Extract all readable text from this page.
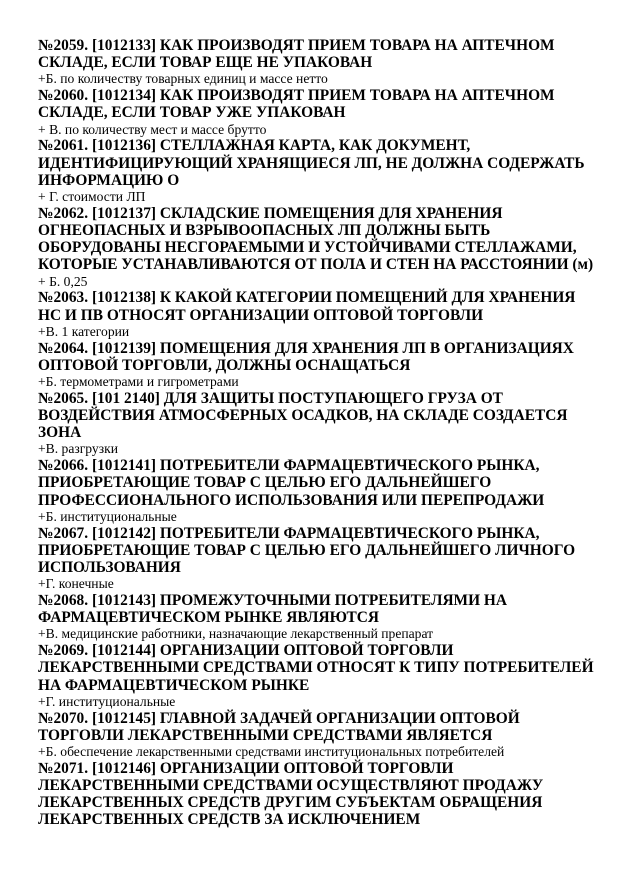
№2059. [1012133] КАК ПРОИЗВОДЯТ ПРИЕМ ТОВАРА НА АПТЕЧНОМ СКЛАДЕ, ЕСЛИ ТОВАР ЕЩЕ НЕ УПАКОВАН

+Б. по количеству товарных единиц и массе нетто

№2060. [1012134] КАК ПРОИЗВОДЯТ ПРИЕМ ТОВАРА НА АПТЕЧНОМ СКЛАДЕ, ЕСЛИ ТОВАР УЖЕ УПАКОВАН

+ В. по количеству мест и массе брутто

№2061. [1012136] СТЕЛЛАЖНАЯ КАРТА, КАК ДОКУМЕНТ, ИДЕНТИФИЦИРУЮЩИЙ ХРАНЯЩИЕСЯ ЛП, НЕ ДОЛЖНА СОДЕРЖАТЬ ИНФОРМАЦИЮ О

+ Г. стоимости ЛП

№2062. [1012137] СКЛАДСКИЕ ПОМЕЩЕНИЯ ДЛЯ ХРАНЕНИЯ ОГНЕОПАСНЫХ И ВЗРЫВООПАСНЫХ ЛП ДОЛЖНЫ БЫТЬ ОБОРУДОВАНЫ НЕСГОРАЕМЫМИ И УСТОЙЧИВАМИ СТЕЛЛАЖАМИ, КОТОРЫЕ УСТАНАВЛИВАЮТСЯ ОТ ПОЛА И СТЕН НА РАССТОЯНИИ (м)

+ Б. 0,25

№2063. [1012138] К КАКОЙ КАТЕГОРИИ ПОМЕЩЕНИЙ ДЛЯ ХРАНЕНИЯ НС И ПВ ОТНОСЯТ ОРГАНИЗАЦИИ ОПТОВОЙ ТОРГОВЛИ

+В. 1 категории

№2064. [1012139] ПОМЕЩЕНИЯ ДЛЯ ХРАНЕНИЯ ЛП В ОРГАНИЗАЦИЯХ ОПТОВОЙ ТОРГОВЛИ, ДОЛЖНЫ ОСНАЩАТЬСЯ

+Б. термометрами и гигрометрами

№2065. [101 2140] ДЛЯ ЗАЩИТЫ ПОСТУПАЮЩЕГО ГРУЗА ОТ ВОЗДЕЙСТВИЯ АТМОСФЕРНЫХ ОСАДКОВ, НА СКЛАДЕ СОЗДАЕТСЯ ЗОНА

+В. разгрузки

№2066. [1012141] ПОТРЕБИТЕЛИ ФАРМАЦЕВТИЧЕСКОГО РЫНКА, ПРИОБРЕТАЮЩИЕ ТОВАР С ЦЕЛЬЮ ЕГО ДАЛЬНЕЙШЕГО ПРОФЕССИОНАЛЬНОГО ИСПОЛЬЗОВАНИЯ ИЛИ ПЕРЕПРОДАЖИ

+Б. институциональные

№2067. [1012142] ПОТРЕБИТЕЛИ ФАРМАЦЕВТИЧЕСКОГО РЫНКА, ПРИОБРЕТАЮЩИЕ ТОВАР С ЦЕЛЬЮ ЕГО ДАЛЬНЕЙШЕГО ЛИЧНОГО ИСПОЛЬЗОВАНИЯ

+Г. конечные

№2068. [1012143] ПРОМЕЖУТОЧНЫМИ ПОТРЕБИТЕЛЯМИ НА ФАРМАЦЕВТИЧЕСКОМ РЫНКЕ ЯВЛЯЮТСЯ

+В. медицинские работники, назначающие лекарственный препарат

№2069. [1012144] ОРГАНИЗАЦИИ ОПТОВОЙ ТОРГОВЛИ ЛЕКАРСТВЕННЫМИ СРЕДСТВАМИ ОТНОСЯТ К ТИПУ ПОТРЕБИТЕЛЕЙ НА ФАРМАЦЕВТИЧЕСКОМ РЫНКЕ

+Г. институциональные

№2070. [1012145] ГЛАВНОЙ ЗАДАЧЕЙ ОРГАНИЗАЦИИ ОПТОВОЙ ТОРГОВЛИ ЛЕКАРСТВЕННЫМИ СРЕДСТВАМИ ЯВЛЯЕТСЯ

+Б. обеспечение лекарственными средствами институциональных потребителей

№2071. [1012146] ОРГАНИЗАЦИИ ОПТОВОЙ ТОРГОВЛИ ЛЕКАРСТВЕННЫМИ СРЕДСТВАМИ ОСУЩЕСТВЛЯЮТ ПРОДАЖУ ЛЕКАРСТВЕННЫХ СРЕДСТВ ДРУГИМ СУБЪЕКТАМ ОБРАЩЕНИЯ ЛЕКАРСТВЕННЫХ СРЕДСТВ ЗА ИСКЛЮЧЕНИЕМ
